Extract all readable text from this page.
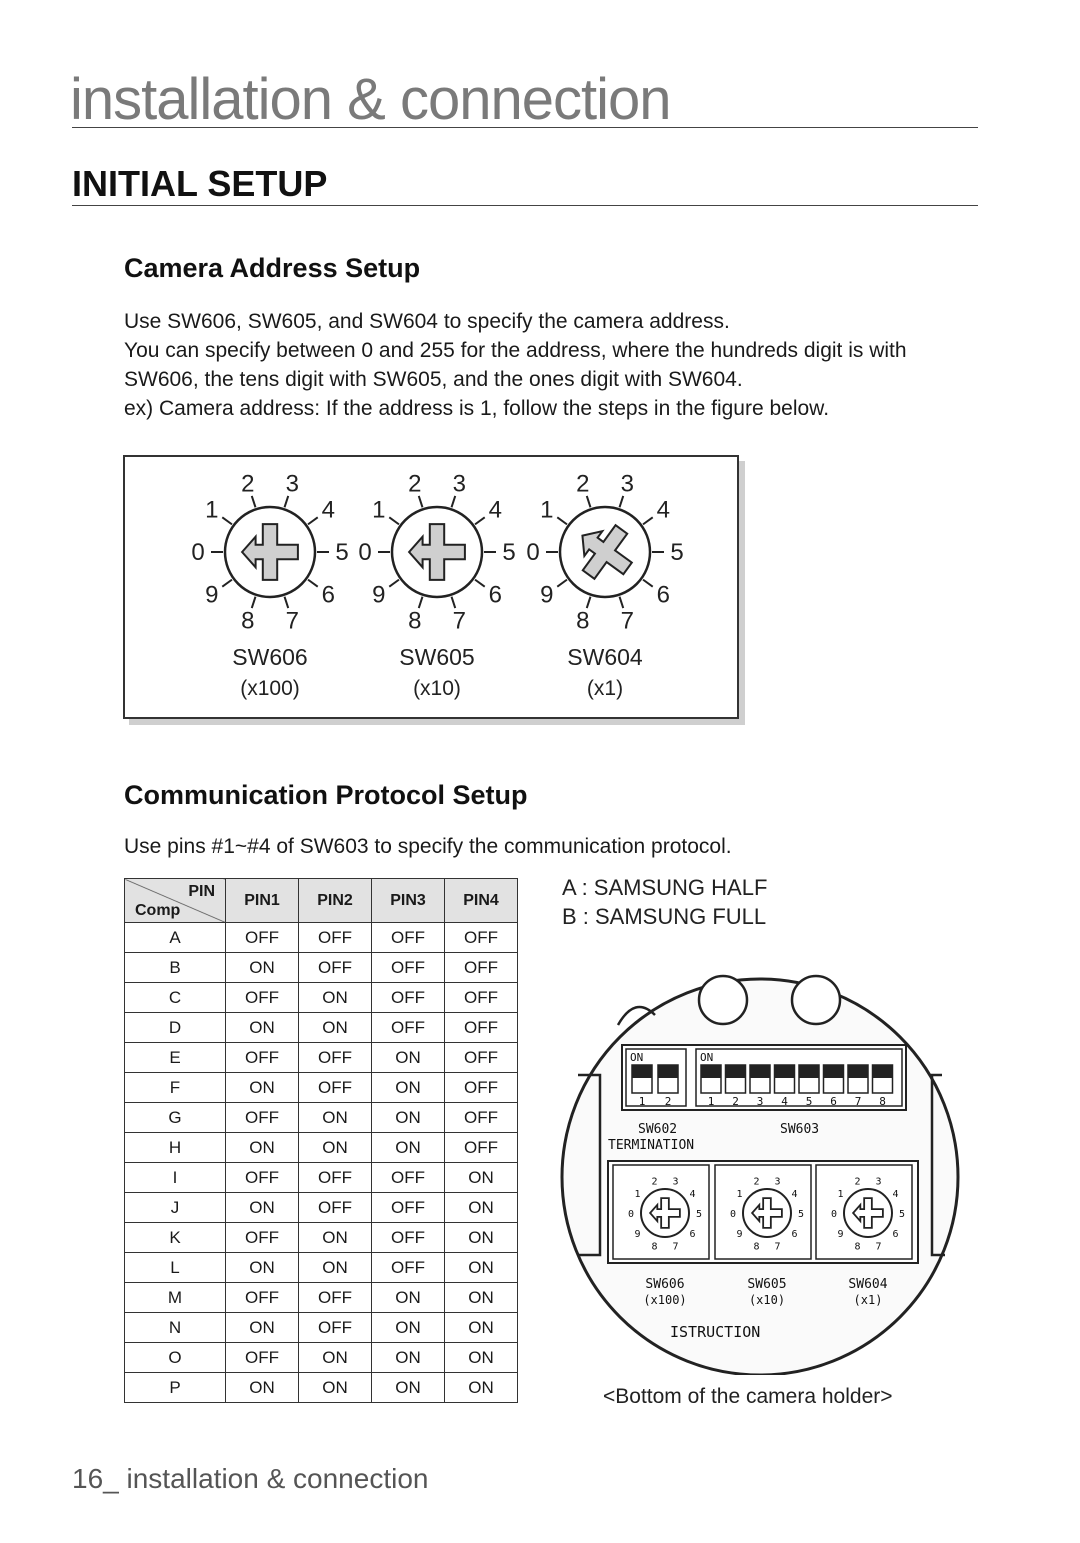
installation & connection
INITIAL SETUP
Camera Address Setup
Use SW606, SW605, and SW604 to specify the camera address.
You can specify between 0 and 255 for the address, where the hundreds digit is with SW606, the tens digit with SW605, and the ones digit with SW604.
ex) Camera address: If the address is 1, follow the steps in the figure below.
0
1
2 3
4
5
6
7
8
9
SW606
(x100)
0
1
2 3
4
5
6
7
8
9
SW605
(x10)
0
1
2 3
4
5
6
7
8
9
SW604
(x1)
Communication Protocol Setup
Use pins #1~#4 of SW603 to specify the communication protocol.
PIN
Comp	PIN1	PIN2	PIN3	PIN4
A	OFF	OFF	OFF	OFF
B	ON	OFF	OFF	OFF
C	OFF	ON	OFF	OFF
D	ON	ON	OFF	OFF
E	OFF	OFF	ON	OFF
F	ON	OFF	ON	OFF
G	OFF	ON	ON	OFF
H	ON	ON	ON	OFF
I	OFF	OFF	OFF	ON
J	ON	OFF	OFF	ON
K	OFF	ON	OFF	ON
L	ON	ON	OFF	ON
M	OFF	OFF	ON	ON
N	ON	OFF	ON	ON
O	OFF	ON	ON	ON
P	ON	ON	ON	ON
A : SAMSUNG HALF
B : SAMSUNG FULL
ON
1 2
ON
1 2 3 4 5 6 7 8
SW602	SW603
TERMINATION
0
1
2 3
4
5
6
7
8
9
0
1
2 3
4
5
6
7
8
9
0
1
2 3
4
5
6
7
8
9
SW606
(x100)
SW605
(x10)
SW604
(x1)
ISTRUCTION
<Bottom of the camera holder>
16_ installation & connection
